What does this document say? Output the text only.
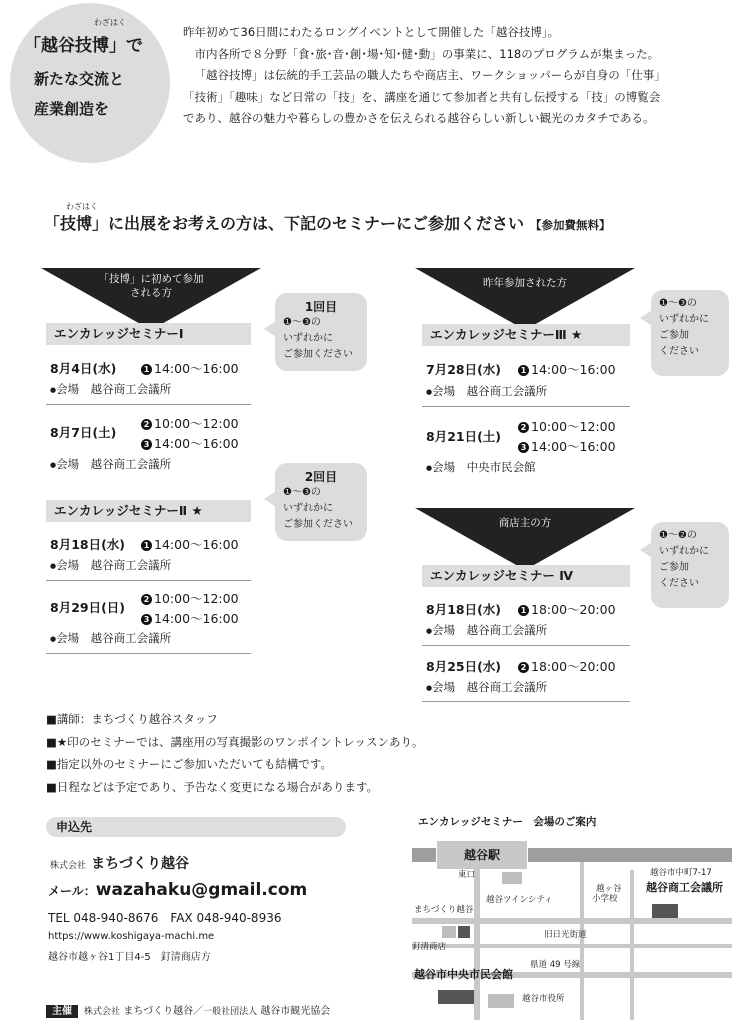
わざはく
「越谷技博」で
新たな交流と
産業創造を

昨年初めて36日間にわたるロングイベントとして開催した「越谷技博」。

市内各所で８分野「食･旅･音･創･場･知･健･動」の事業に、118のプログラムが集まった。

「越谷技博」は伝統的手工芸品の職人たちや商店主、ワークショッパーらが自身の「仕事」

「技術」「趣味」など日常の「技」を、講座を通じて参加者と共有し伝授する「技」の博覧会

であり、越谷の魅力や暮らしの豊かさを伝えられる越谷らしい新しい観光のカタチである。

わざはく
「技博」に出展をお考えの方は、下記のセミナーにご参加ください 【参加費無料】
「技博」に初めて参加
される方
エンカレッジセミナーⅠ
8月4日(水)	1 14:00〜16:00
●会場　 越谷商工会議所
8月7日(土)
2 10:00〜12:00
3 14:00〜16:00
●会場　 越谷商工会議所
1回目
❶〜❸の
いずれかに
ご参加ください
エンカレッジセミナーⅡ ★
8月18日(水)	1 14:00〜16:00
●会場　 越谷商工会議所
8月29日(日)
2 10:00〜12:00
3 14:00〜16:00
●会場　 越谷商工会議所
2回目
❶〜❸の
いずれかに
ご参加ください
昨年参加された方
エンカレッジセミナーⅢ ★
7月28日(水)	1 14:00〜16:00
●会場　 越谷商工会議所
8月21日(土)
2 10:00〜12:00
3 14:00〜16:00
●会場　 中央市民会館
❶〜❸の
いずれかに
ご参加
ください
商店主の方
エンカレッジセミナー Ⅳ
8月18日(水)	1 18:00〜20:00
●会場　 越谷商工会議所
8月25日(水)	2 18:00〜20:00
●会場　 越谷商工会議所
❶〜❷の
いずれかに
ご参加
ください
■講師：まちづくり越谷スタッフ
■★印のセミナーでは、講座用の写真撮影のワンポイントレッスンあり。
■指定以外のセミナーにご参加いただいても結構です。
■日程などは予定であり、予告なく変更になる場合があります。
申込先
株式会社 まちづくり越谷
メール：wazahaku@gmail.com
TEL 048-940-8676　FAX 048-940-8936
https://www.koshigaya-machi.me
越谷市越ヶ谷1丁目4-5　釘清商店方
主催 株式会社 まちづくり越谷／一般社団法人 越谷市観光協会
エンカレッジセミナー　会場のご案内
越谷駅
東口
越谷ツインシティ
まちづくり越谷
釘清商店
越ヶ谷
小学校
越谷市中町7-17
越谷商工会議所
旧日光街道
県道 49 号線
越谷市中央市民会館
越谷市役所
